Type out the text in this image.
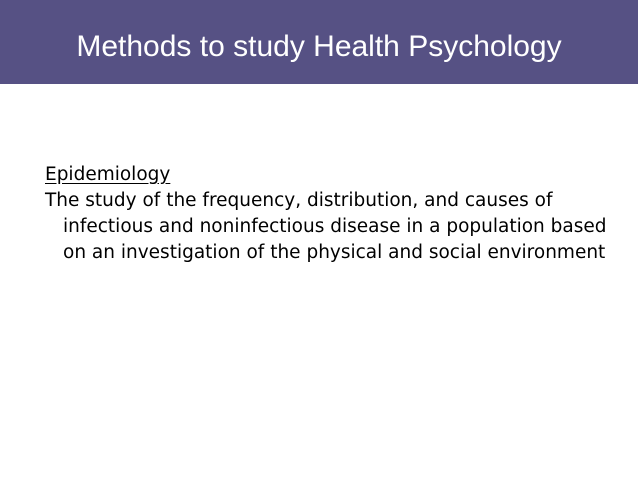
Methods to study Health Psychology

Epidemiology

The study of the frequency, distribution, and causes of infectious and noninfectious disease in a population based on an investigation of the physical and social environment
